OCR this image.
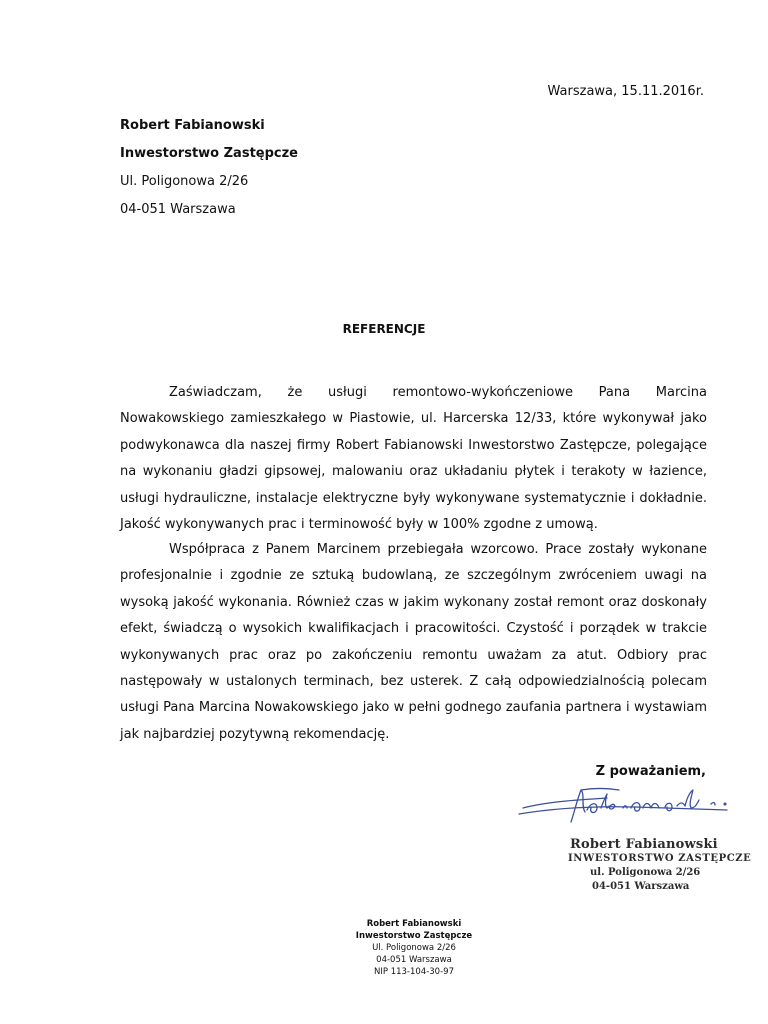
Warszawa, 15.11.2016r.
Robert Fabianowski
Inwestorstwo Zastępcze
Ul. Poligonowa 2/26
04-051 Warszawa
REFERENCJE

Zaświadczam, że usługi remontowo-wykończeniowe Pana Marcina Nowakowskiego zamieszkałego w Piastowie, ul. Harcerska 12/33, które wykonywał jako podwykonawca dla naszej firmy Robert Fabianowski Inwestorstwo Zastępcze, polegające na wykonaniu gładzi gipsowej, malowaniu oraz układaniu płytek i terakoty w łazience, usługi hydrauliczne, instalacje elektryczne były wykonywane systematycznie i dokładnie. Jakość wykonywanych prac i terminowość były w 100% zgodne z umową.

Współpraca z Panem Marcinem przebiegała wzorcowo. Prace zostały wykonane profesjonalnie i zgodnie ze sztuką budowlaną, ze szczególnym zwróceniem uwagi na wysoką jakość wykonania. Również czas w jakim wykonany został remont oraz doskonały efekt, świadczą o wysokich kwalifikacjach i pracowitości. Czystość i porządek w trakcie wykonywanych prac oraz po zakończeniu remontu uważam za atut. Odbiory prac następowały w ustalonych terminach, bez usterek. Z całą odpowiedzialnością polecam usługi Pana Marcina Nowakowskiego jako w pełni godnego zaufania partnera i wystawiam jak najbardziej pozytywną rekomendację.

Z poważaniem,
Robert Fabianowski
INWESTORSTWO ZASTĘPCZE
ul. Poligonowa 2/26
04-051 Warszawa
Robert Fabianowski
Inwestorstwo Zastępcze
Ul. Poligonowa 2/26
04-051 Warszawa
NIP 113-104-30-97
